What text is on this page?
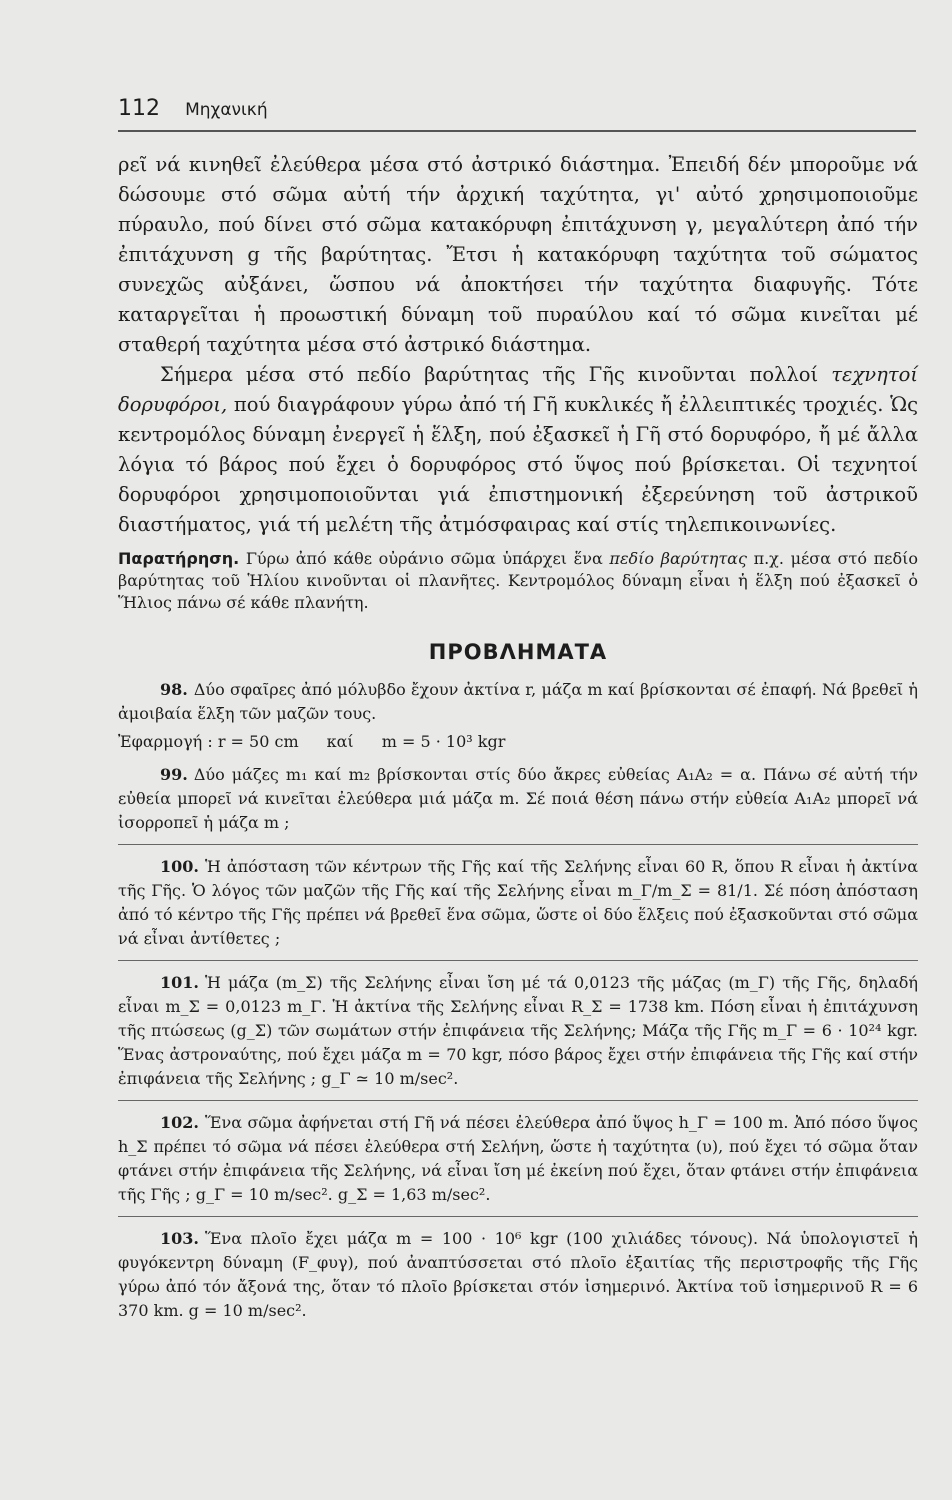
112 Μηχανική

ρεῖ νά κινηθεῖ ἐλεύθερα μέσα στό ἀστρικό διάστημα. Ἐπειδή δέν μποροῦμε νά δώσουμε στό σῶμα αὐτή τήν ἀρχική ταχύτητα, γι' αὐτό χρησιμοποιοῦμε πύραυλο, πού δίνει στό σῶμα κατακόρυφη ἐπιτάχυνση γ, μεγαλύτερη ἀπό τήν ἐπιτάχυνση g τῆς βαρύτητας. Ἔτσι ἡ κατακόρυφη ταχύτητα τοῦ σώματος συνεχῶς αὐξάνει, ὥσπου νά ἀποκτήσει τήν ταχύτητα διαφυγῆς. Τότε καταργεῖται ἡ προωστική δύναμη τοῦ πυραύλου καί τό σῶμα κινεῖται μέ σταθερή ταχύτητα μέσα στό ἀστρικό διάστημα.

Σήμερα μέσα στό πεδίο βαρύτητας τῆς Γῆς κινοῦνται πολλοί τεχνητοί δορυφόροι, πού διαγράφουν γύρω ἀπό τή Γῆ κυκλικές ἤ ἐλλειπτικές τροχιές. Ὡς κεντρομόλος δύναμη ἐνεργεῖ ἡ ἕλξη, πού ἐξασκεῖ ἡ Γῆ στό δορυφόρο, ἤ μέ ἄλλα λόγια τό βάρος πού ἔχει ὁ δορυφόρος στό ὕψος πού βρίσκεται. Οἱ τεχνητοί δορυφόροι χρησιμοποιοῦνται γιά ἐπιστημονική ἐξερεύνηση τοῦ ἀστρικοῦ διαστήματος, γιά τή μελέτη τῆς ἀτμόσφαιρας καί στίς τηλεπικοινωνίες.

Παρατήρηση. Γύρω ἀπό κάθε οὐράνιο σῶμα ὑπάρχει ἕνα πεδίο βαρύτητας π.χ. μέσα στό πεδίο βαρύτητας τοῦ Ἡλίου κινοῦνται οἱ πλανῆτες. Κεντρομόλος δύναμη εἶναι ἡ ἕλξη πού ἐξασκεῖ ὁ Ἥλιος πάνω σέ κάθε πλανήτη.

ΠΡΟΒΛΗΜΑΤΑ

98. Δύο σφαῖρες ἀπό μόλυβδο ἔχουν ἀκτίνα r, μάζα m καί βρίσκονται σέ ἐπαφή. Νά βρεθεῖ ἡ ἀμοιβαία ἕλξη τῶν μαζῶν τους.

Ἐφαρμογή : r = 50 cm καί m = 5 · 10³ kgr

99. Δύο μάζες m₁ καί m₂ βρίσκονται στίς δύο ἄκρες εὐθείας A₁A₂ = α. Πάνω σέ αὐτή τήν εὐθεία μπορεῖ νά κινεῖται ἐλεύθερα μιά μάζα m. Σέ ποιά θέση πάνω στήν εὐθεία A₁A₂ μπορεῖ νά ἰσορροπεῖ ἡ μάζα m ;

100. Ἡ ἀπόσταση τῶν κέντρων τῆς Γῆς καί τῆς Σελήνης εἶναι 60 R, ὅπου R εἶναι ἡ ἀκτίνα τῆς Γῆς. Ὁ λόγος τῶν μαζῶν τῆς Γῆς καί τῆς Σελήνης εἶναι m_Γ/m_Σ = 81/1. Σέ πόση ἀπόσταση ἀπό τό κέντρο τῆς Γῆς πρέπει νά βρεθεῖ ἕνα σῶμα, ὥστε οἱ δύο ἕλξεις πού ἐξασκοῦνται στό σῶμα νά εἶναι ἀντίθετες ;

101. Ἡ μάζα (m_Σ) τῆς Σελήνης εἶναι ἴση μέ τά 0,0123 τῆς μάζας (m_Γ) τῆς Γῆς, δηλαδή εἶναι m_Σ = 0,0123 m_Γ. Ἡ ἀκτίνα τῆς Σελήνης εἶναι R_Σ = 1738 km. Πόση εἶναι ἡ ἐπιτάχυνση τῆς πτώσεως (g_Σ) τῶν σωμάτων στήν ἐπιφάνεια τῆς Σελήνης; Μάζα τῆς Γῆς m_Γ = 6 · 10²⁴ kgr. Ἕνας ἀστροναύτης, πού ἔχει μάζα m = 70 kgr, πόσο βάρος ἔχει στήν ἐπιφάνεια τῆς Γῆς καί στήν ἐπιφάνεια τῆς Σελήνης ; g_Γ ≃ 10 m/sec².

102. Ἕνα σῶμα ἀφήνεται στή Γῆ νά πέσει ἐλεύθερα ἀπό ὕψος h_Γ = 100 m. Ἀπό πόσο ὕψος h_Σ πρέπει τό σῶμα νά πέσει ἐλεύθερα στή Σελήνη, ὥστε ἡ ταχύτητα (υ), πού ἔχει τό σῶμα ὅταν φτάνει στήν ἐπιφάνεια τῆς Σελήνης, νά εἶναι ἴση μέ ἐκείνη πού ἔχει, ὅταν φτάνει στήν ἐπιφάνεια τῆς Γῆς ; g_Γ = 10 m/sec². g_Σ = 1,63 m/sec².

103. Ἕνα πλοῖο ἔχει μάζα m = 100 · 10⁶ kgr (100 χιλιάδες τόνους). Νά ὑπολογιστεῖ ἡ φυγόκεντρη δύναμη (F_φυγ), πού ἀναπτύσσεται στό πλοῖο ἐξαιτίας τῆς περιστροφῆς τῆς Γῆς γύρω ἀπό τόν ἄξονά της, ὅταν τό πλοῖο βρίσκεται στόν ἰσημερινό. Ἀκτίνα τοῦ ἰσημερινοῦ R = 6 370 km. g = 10 m/sec².
